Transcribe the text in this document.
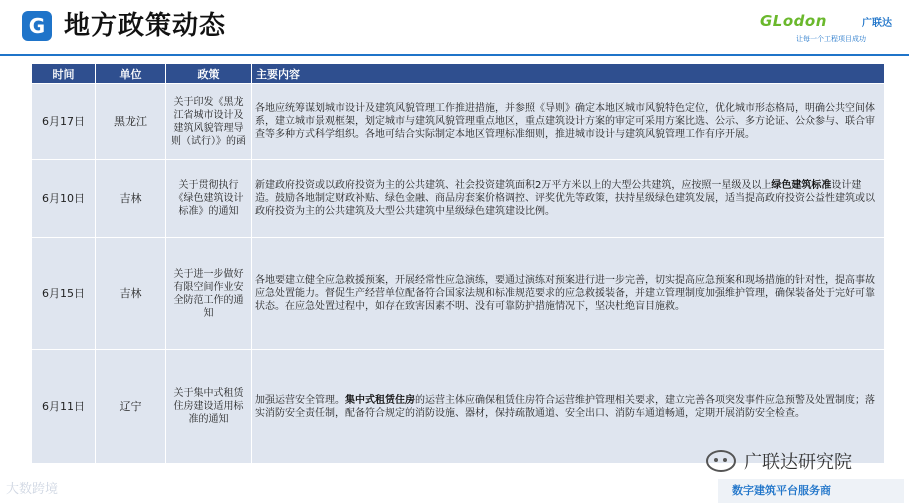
G 地方政策动态	GLodon	广联达
让每一个工程项目成功
时间	单位	政策	主要内容
6月17日	黑龙江	关于印发《黑龙江省城市设计及建筑风貌管理导则（试行）》的函	各地应统筹谋划城市设计及建筑风貌管理工作推进措施，并参照《导则》确定本地区城市风貌特色定位，优化城市形态格局，明确公共空间体系，建立城市景观框架，划定城市与建筑风貌管理重点地区，重点建筑设计方案的审定可采用方案比选、公示、多方论证、公众参与、联合审查等多种方式科学组织。各地可结合实际制定本地区管理标准细则，推进城市设计与建筑风貌管理工作有序开展。
6月10日	吉林	关于贯彻执行《绿色建筑设计标准》的通知	新建政府投资或以政府投资为主的公共建筑、社会投资建筑面积2万平方米以上的大型公共建筑，应按照一星级及以上绿色建筑标准设计建造。鼓励各地制定财政补贴、绿色金融、商品房套案价格调控、评奖优先等政策，扶持星级绿色建筑发展，适当提高政府投资公益性建筑或以政府投资为主的公共建筑及大型公共建筑中星级绿色建筑建设比例。
6月15日	吉林	关于进一步做好有限空间作业安全防范工作的通知	各地要建立健全应急救援预案，开展经常性应急演练，要通过演练对预案进行进一步完善，切实提高应急预案和现场措施的针对性，提高事故应急处置能力。督促生产经营单位配备符合国家法规和标准规范要求的应急救援装备，并建立管理制度加强维护管理，确保装备处于完好可靠状态。在应急处置过程中，如存在致害因素不明、没有可靠防护措施情况下，坚决杜绝盲目施救。
6月11日	辽宁	关于集中式租赁住房建设适用标准的通知	加强运营安全管理。集中式租赁住房的运营主体应确保租赁住房符合运营维护管理相关要求，建立完善各项突发事件应急预警及处置制度；落实消防安全责任制，配备符合规定的消防设施、器材，保持疏散通道、安全出口、消防车通道畅通，定期开展消防安全检查。
大数跨境
广联达研究院
数字建筑平台服务商
